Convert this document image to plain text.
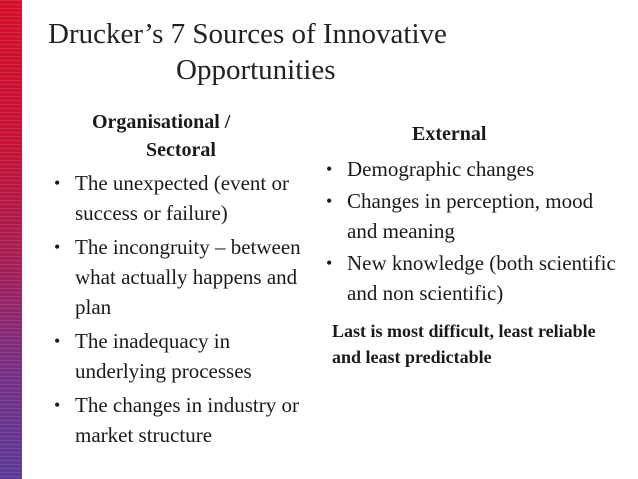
Drucker’s 7 Sources of Innovative
Opportunities
Organisational /
Sectoral
• The unexpected (event or success or failure)
• The incongruity – between what actually happens and plan
• The inadequacy in underlying processes
• The changes in industry or market structure
External
• Demographic changes
• Changes in perception, mood and meaning
• New knowledge (both scientific and non scientific)
Last is most difficult, least reliable and least predictable
